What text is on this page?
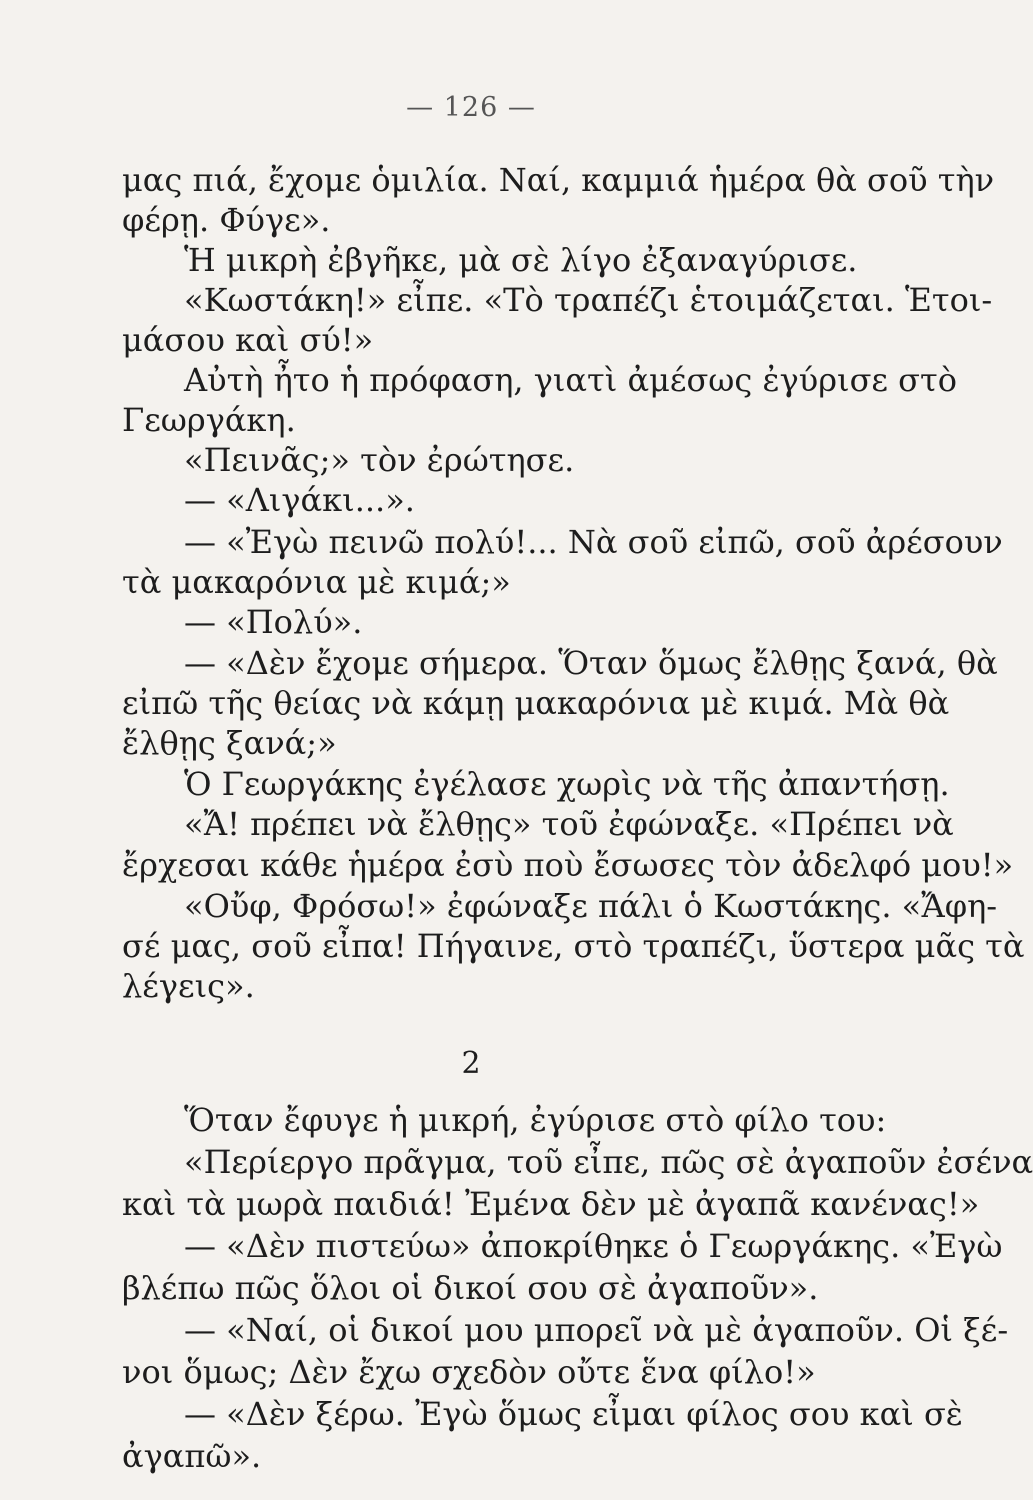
— 126 —
μας πιά, ἔχομε ὁμιλία. Ναί, καμμιά ἡμέρα θὰ σοῦ τὴν
φέρῃ. Φύγε».
Ἡ μικρὴ ἐβγῆκε, μὰ σὲ λίγο ἐξαναγύρισε.
«Κωστάκη!» εἶπε. «Τὸ τραπέζι ἑτοιμάζεται. Ἑτοι-
μάσου καὶ σύ!»
Αὐτὴ ἦτο ἡ πρόφαση, γιατὶ ἀμέσως ἐγύρισε στὸ
Γεωργάκη.
«Πεινᾶς;» τὸν ἐρώτησε.
— «Λιγάκι...».
— «Ἐγὼ πεινῶ πολύ!... Νὰ σοῦ εἰπῶ, σοῦ ἀρέσουν
τὰ μακαρόνια μὲ κιμά;»
— «Πολύ».
— «Δὲν ἔχομε σήμερα. Ὅταν ὅμως ἔλθῃς ξανά, θὰ
εἰπῶ τῆς θείας νὰ κάμῃ μακαρόνια μὲ κιμά. Μὰ θὰ
ἔλθῃς ξανά;»
Ὁ Γεωργάκης ἐγέλασε χωρὶς νὰ τῆς ἀπαντήσῃ.
«Ἄ! πρέπει νὰ ἔλθῃς» τοῦ ἐφώναξε. «Πρέπει νὰ
ἔρχεσαι κάθε ἡμέρα ἐσὺ ποὺ ἔσωσες τὸν ἀδελφό μου!»
«Οὔφ, Φρόσω!» ἐφώναξε πάλι ὁ Κωστάκης. «Ἄφη-
σέ μας, σοῦ εἶπα! Πήγαινε, στὸ τραπέζι, ὕστερα μᾶς τὰ
λέγεις».
2
Ὅταν ἔφυγε ἡ μικρή, ἐγύρισε στὸ φίλο του:
«Περίεργο πρᾶγμα, τοῦ εἶπε, πῶς σὲ ἀγαποῦν ἐσένα
καὶ τὰ μωρὰ παιδιά! Ἐμένα δὲν μὲ ἀγαπᾶ κανένας!»
— «Δὲν πιστεύω» ἀποκρίθηκε ὁ Γεωργάκης. «Ἐγὼ
βλέπω πῶς ὅλοι οἱ δικοί σου σὲ ἀγαποῦν».
— «Ναί, οἱ δικοί μου μπορεῖ νὰ μὲ ἀγαποῦν. Οἱ ξέ-
νοι ὅμως; Δὲν ἔχω σχεδὸν οὔτε ἕνα φίλο!»
— «Δὲν ξέρω. Ἐγὼ ὅμως εἶμαι φίλος σου καὶ σὲ
ἀγαπῶ».
